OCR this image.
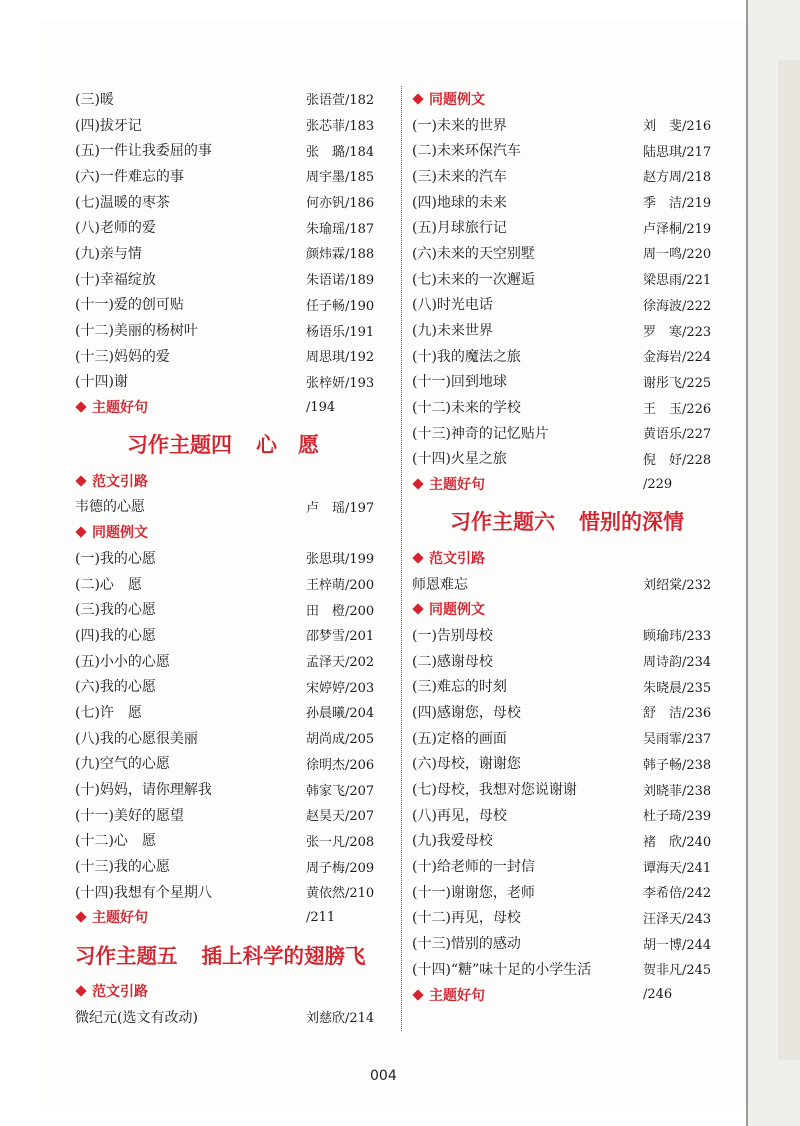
(三)暖	张语萱/182
(四)拔牙记	张芯菲/183
(五)一件让我委屈的事	张　璐/184
(六)一件难忘的事	周宇墨/185
(七)温暖的枣茶	何亦钒/186
(八)老师的爱	朱瑜瑶/187
(九)亲与情	颜炜霖/188
(十)幸福绽放	朱语诺/189
(十一)爱的创可贴	任子畅/190
(十二)美丽的杨树叶	杨语乐/191
(十三)妈妈的爱	周思琪/192
(十四)谢	张梓妍/193
主题好句	/194
习作主题四 心　愿
范文引路
韦德的心愿	卢　瑶/197
同题例文
(一)我的心愿	张思琪/199
(二)心　愿	王梓萌/200
(三)我的心愿	田　橙/200
(四)我的心愿	邵梦雪/201
(五)小小的心愿	孟泽天/202
(六)我的心愿	宋婷婷/203
(七)许　愿	孙晨曦/204
(八)我的心愿很美丽	胡尚成/205
(九)空气的心愿	徐明杰/206
(十)妈妈，请你理解我	韩家飞/207
(十一)美好的愿望	赵昊天/207
(十二)心　愿	张一凡/208
(十三)我的心愿	周子梅/209
(十四)我想有个星期八	黄依然/210
主题好句	/211
习作主题五 插上科学的翅膀飞
范文引路
微纪元(选文有改动)	刘慈欣/214
同题例文
(一)未来的世界	刘　斐/216
(二)未来环保汽车	陆思琪/217
(三)未来的汽车	赵方周/218
(四)地球的未来	季　洁/219
(五)月球旅行记	卢泽桐/219
(六)未来的天空别墅	周一鸣/220
(七)未来的一次邂逅	梁思雨/221
(八)时光电话	徐海波/222
(九)未来世界	罗　寒/223
(十)我的魔法之旅	金海岩/224
(十一)回到地球	谢彤飞/225
(十二)未来的学校	王　玉/226
(十三)神奇的记忆贴片	黄语乐/227
(十四)火星之旅	倪　妤/228
主题好句	/229
习作主题六 惜别的深情
范文引路
师恩难忘	刘绍棠/232
同题例文
(一)告别母校	顾瑜玮/233
(二)感谢母校	周诗韵/234
(三)难忘的时刻	朱晓晨/235
(四)感谢您，母校	舒　洁/236
(五)定格的画面	吴雨霏/237
(六)母校，谢谢您	韩子畅/238
(七)母校，我想对您说谢谢	刘晓菲/238
(八)再见，母校	杜子琦/239
(九)我爱母校	褚　欣/240
(十)给老师的一封信	谭海天/241
(十一)谢谢您，老师	李希倍/242
(十二)再见，母校	汪泽天/243
(十三)惜别的感动	胡一博/244
(十四)“糖”味十足的小学生活	贺非凡/245
主题好句	/246
004
